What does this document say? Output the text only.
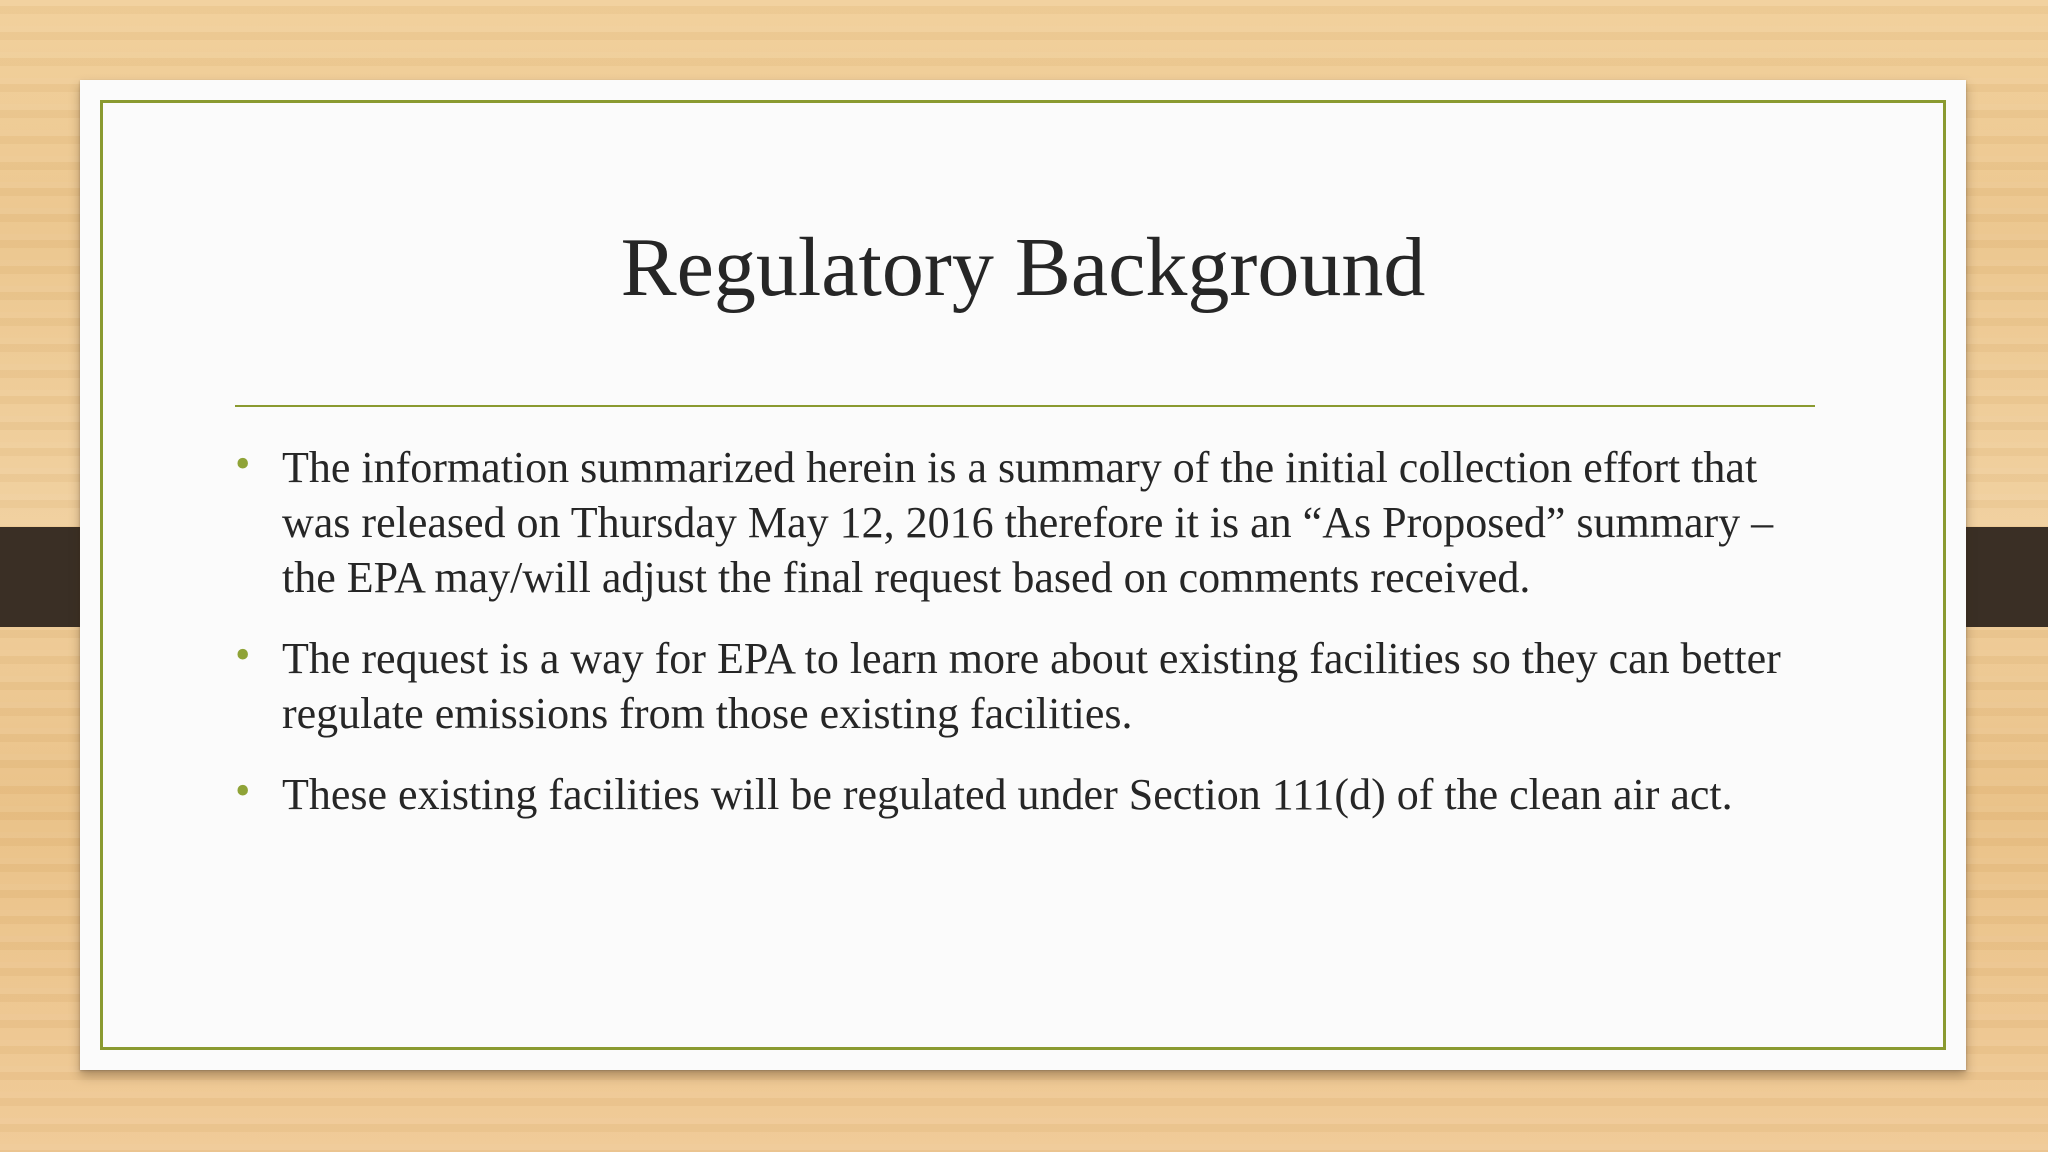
Regulatory Background
• The information summarized herein is a summary of the initial collection effort that was released on Thursday May 12, 2016 therefore it is an “As Proposed” summary – the EPA may/will adjust the final request based on comments received.
• The request is a way for EPA to learn more about existing facilities so they can better regulate emissions from those existing facilities.
• These existing facilities will be regulated under Section 111(d) of the clean air act.
